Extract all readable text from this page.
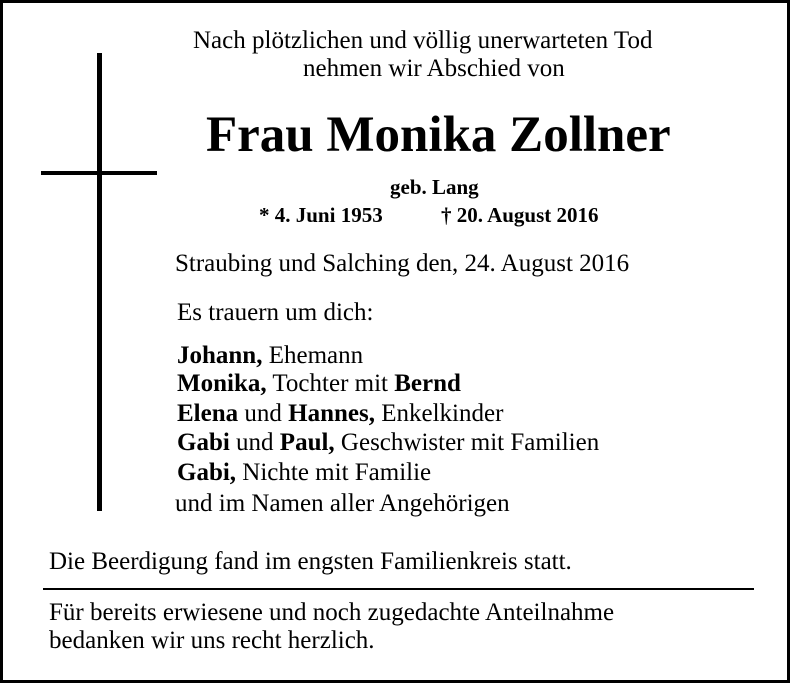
Nach plötzlichen und völlig unerwarteten Tod
nehmen wir Abschied von
Frau Monika Zollner
geb. Lang
* 4. Juni 1953	† 20. August 2016
Straubing und Salching den, 24. August 2016
Es trauern um dich:
Johann, Ehemann
Monika, Tochter mit Bernd
Elena und Hannes, Enkelkinder
Gabi und Paul, Geschwister mit Familien
Gabi, Nichte mit Familie
und im Namen aller Angehörigen
Die Beerdigung fand im engsten Familienkreis statt.
Für bereits erwiesene und noch zugedachte Anteilnahme
bedanken wir uns recht herzlich.
